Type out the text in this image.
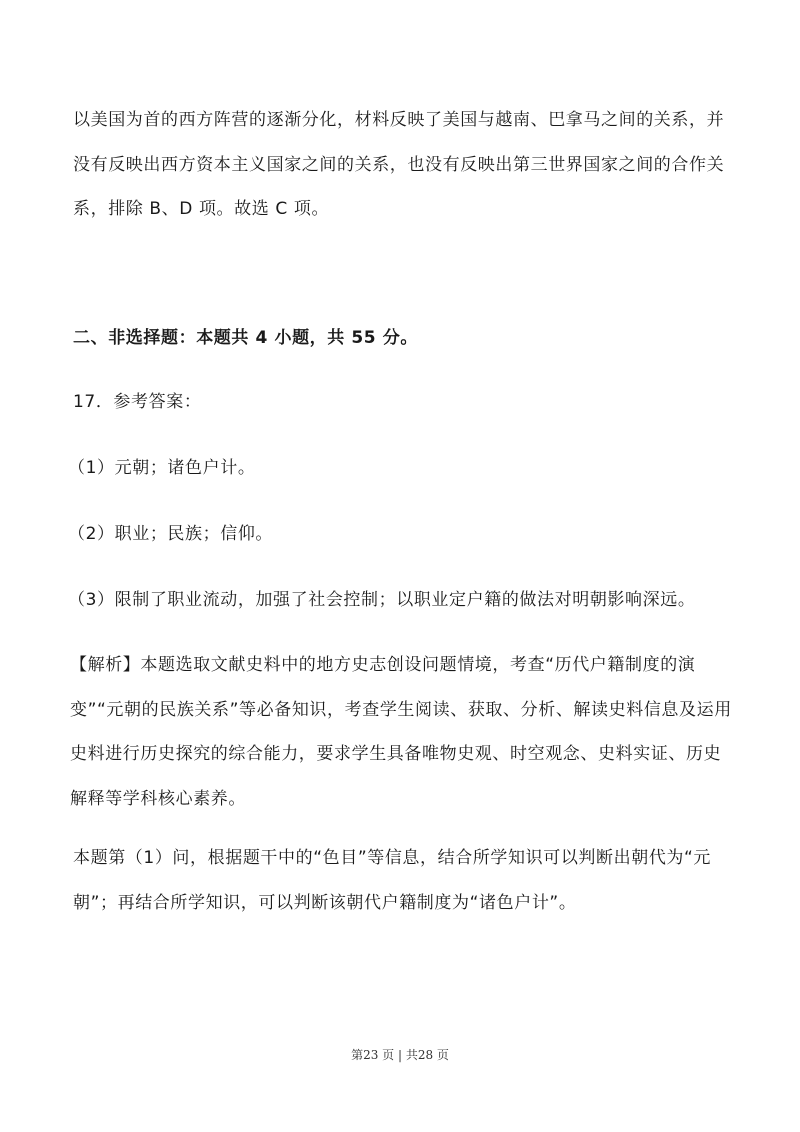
以美国为首的西方阵营的逐渐分化，材料反映了美国与越南、巴拿马之间的关系，并没有反映出西方资本主义国家之间的关系，也没有反映出第三世界国家之间的合作关系，排除 B、D 项。故选 C 项。
二、非选择题：本题共 4 小题，共 55 分。
17．参考答案：
（1）元朝；诸色户计。
（2）职业；民族；信仰。
（3）限制了职业流动，加强了社会控制；以职业定户籍的做法对明朝影响深远。
【解析】本题选取文献史料中的地方史志创设问题情境，考查“历代户籍制度的演变”“元朝的民族关系”等必备知识，考查学生阅读、获取、分析、解读史料信息及运用史料进行历史探究的综合能力，要求学生具备唯物史观、时空观念、史料实证、历史解释等学科核心素养。
本题第（1）问，根据题干中的“色目”等信息，结合所学知识可以判断出朝代为“元朝”；再结合所学知识，可以判断该朝代户籍制度为“诸色户计”。
第23 页 | 共28 页
